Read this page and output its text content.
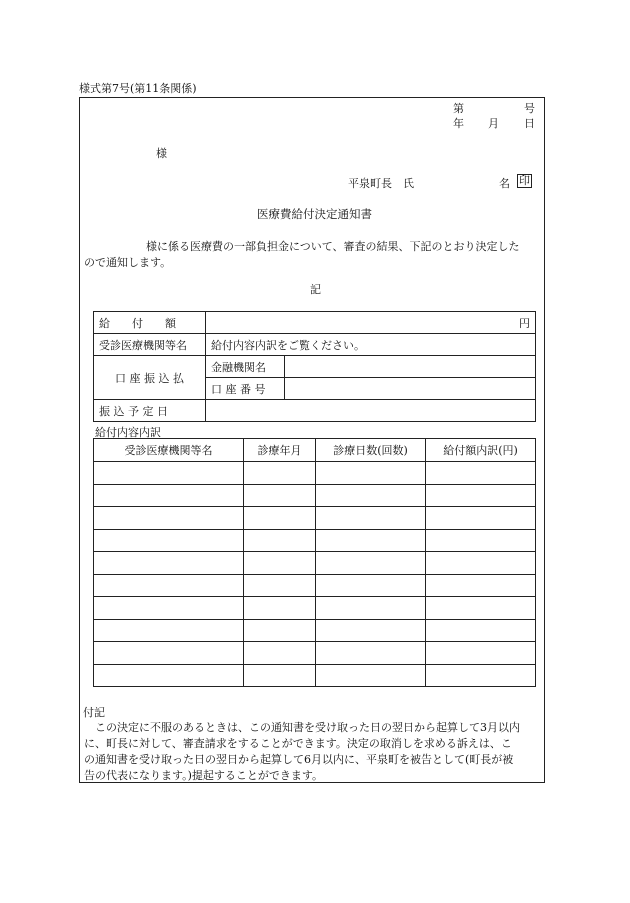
様式第7号(第11条関係)
第	号
年 月 日
様
平泉町長　氏	名 印
医療費給付決定通知書
様に係る医療費の一部負担金について、審査の結果、下記のとおり決定した
ので通知します。
記
給　　付　　額	円	
受診医療機関等名	給付内容内訳をご覧ください。	
口 座 振 込 払	金融機関名	
	口 座 番 号	
振 込 予 定 日		
給付内容内訳
受診医療機関等名	診療年月	診療日数(回数)	給付額内訳(円)

付記
この決定に不服のあるときは、この通知書を受け取った日の翌日から起算して3月以内
に、町長に対して、審査請求をすることができます。決定の取消しを求める訴えは、こ
の通知書を受け取った日の翌日から起算して6月以内に、平泉町を被告として(町長が被
告の代表になります。)提起することができます。
